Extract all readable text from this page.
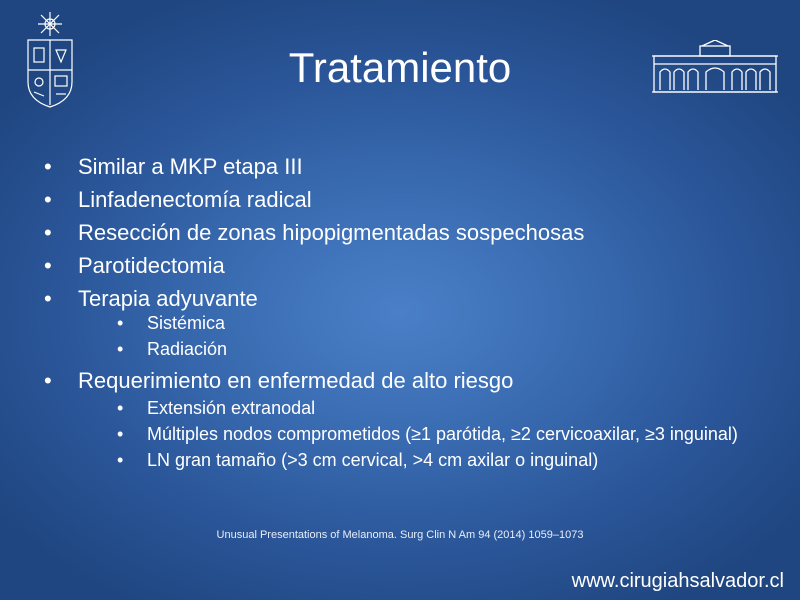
Tratamiento
• Similar a MKP etapa III
• Linfadenectomía radical
• Resección de zonas hipopigmentadas sospechosas
• Parotidectomia
• Terapia adyuvante
• Sistémica
• Radiación
• Requerimiento en enfermedad de alto riesgo
• Extensión extranodal
• Múltiples nodos comprometidos (≥1 parótida, ≥2 cervicoaxilar, ≥3 inguinal)
• LN gran tamaño (>3 cm cervical, >4 cm axilar o inguinal)
Unusual Presentations of Melanoma. Surg Clin N Am 94 (2014) 1059–1073
www.cirugiahsalvador.cl
